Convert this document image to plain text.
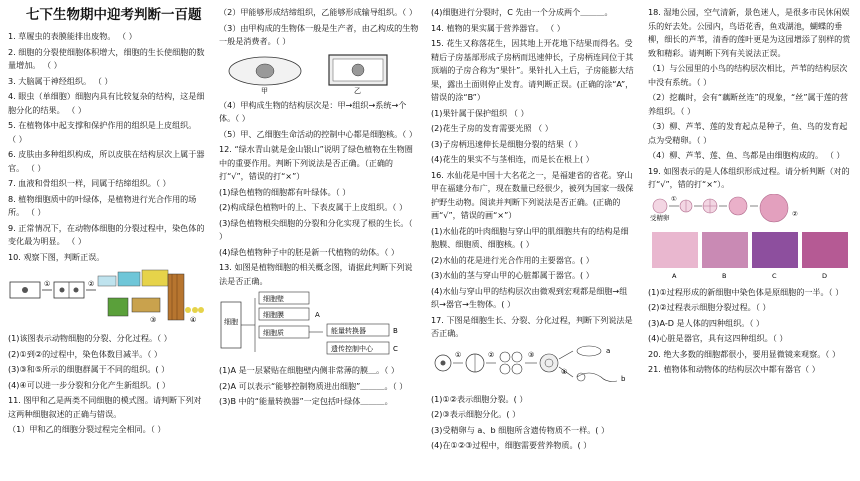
七下生物期中迎考判断一百题

1. 草履虫的表膜能排出废物。 （ ）

2. 细胞的分裂使细胞体积增大，细胞的生长使细胞的数量增加。 （ ）

3. 大脑属于神经组织。 （ ）

4. 眼虫（单细胞）细胞内具有比较复杂的结构，这是细胞分化的结果。 （ ）

5. 在植物体中起支撑和保护作用的组织是上皮组织。 （ ）

6. 皮肤由多种组织构成，所以皮肤在结构层次上属于器官。 （ ）

7. 血液和骨组织一样，同属于结缔组织。（ ）

8. 植物细胞质中的叶绿体，是植物进行光合作用的场所。 （ ）

9. 正常情况下，在动物体细胞的分裂过程中，染色体的变化最为明显。 （ ）

10. 观察下图，判断正误。

①	②
③	④

(1)该图表示动物细胞的分裂、分化过程。（ ）

(2)①到②的过程中，染色体数目减半。（ ）

(3)③和⑤所示的细胞群属于不同的组织。( ）

(4)④可以进一步分裂和分化产生新组织。( ）

11. 图甲和乙是两类不同细胞的模式图。请判断下列对这两种细胞叙述的正确与错误。

（1）甲和乙的细胞分裂过程完全相同。（ ）

（2）甲能够形成结缔组织，乙能够形成输导组织。（ ）

（3）由甲构成的生物体一般是生产者，由乙构成的生物一般是消费者。（ ）

甲	乙

（4）甲构成生物的结构层次是：甲→组织→系统→个体。（ ）

（5）甲、乙细胞生命活动的控制中心都是细胞核。（ ）

12. “绿水青山就是金山银山”说明了绿色植物在生物圈中的重要作用。判断下列说法是否正确。（正确的打“√”，错误的打“×”）

(1)绿色植物的细胞都有叶绿体。（ ）

(2)构成绿色植物叶的上、下表皮属于上皮组织。（ ）

(3)绿色植物根尖细胞的分裂和分化实现了根的生长。（ ）

(4)绿色植物种子中的胚是新一代植物的幼体。（ ）

13. 如图是植物细胞的相关概念图，请据此判断下列说法是否正确。

细胞
细胞壁
细胞膜	A
细胞质	能量转换器	B
遗传控制中心	C

(1)A 是一层紧贴在细胞壁内侧非常薄的膜＿。（ ）

(2)A 可以表示“能够控制物质进出细胞”＿＿＿。（ ）

(3)B 中的“能量转换器”一定包括叶绿体＿＿＿。

(4)细胞进行分裂时，C 先由一个分成两个＿＿＿。

14. 植物的果实属于营养器官。 （ ）

15. 花生又称落花生，因其地上开花地下结果而得名。受精后子房基部形成子房柄而迅速伸长，子房柄连同位于其顶端的子房合称为“果针”。果针扎入土后，子房能膨大结果，露出土面则停止发育。请判断正误。(正确的涂“A”，错误的涂“B”）

(1)果针属于保护组织 （ ）

(2)花生子房的发育需要光照 （ ）

(3)子房柄迅速伸长是细胞分裂的结果（ ）

(4)花生的果实不与茎相连，而是长在根上( ）

16. 水仙花是中国十大名花之一，是福建省的省花。穿山甲在福建分布广，现在数量已经很少，被列为国家一级保护野生动物。阅读并判断下列说法是否正确。(正确的画“√”，错误的画“×”）

(1)水仙花的叶肉细胞与穿山甲的肌细胞共有的结构是细胞膜、细胞质、细胞核。( ）

(2)水仙的花是进行光合作用的主要器官。( ）

(3)水仙的茎与穿山甲的心脏都属于器官。( ）

(4)水仙与穿山甲的结构层次由微观到宏观都是细胞→组织→器官→生物体。( ）

17. 下图是细胞生长、分裂、分化过程，判断下列说法是否正确。

①	②	③
④
a
b

(1)①②表示细胞分裂。( ）

(2)③表示细胞分化。( ）

(3)受精卵与 a、b 细胞所含遗传物质不一样。( ）

(4)在①②③过程中，细胞需要营养物质。( ）

18. 湿地公园，空气清新，景色迷人，是很多市民休闲娱乐的好去处。公园内，鸟语花香，鱼戏湖池，蝴蝶的垂柳，细长的芦苇，清香的莲叶更是为这园增添了别样的赏致和精彩。请判断下列有关说法正误。

（1）与公园里的小鸟的结构层次相比，芦苇的结构层次中没有系统。（ ）

（2）挖藕时，会有“藕断丝连”的现象，“丝”属于莲的营养组织。（ ）

（3）柳、芦苇、莲的发育起点是种子，鱼、鸟的发育起点为受精卵。（ ）

（4）柳、芦苇、莲、鱼、鸟都是由细胞构成的。 （ ）

19. 如图表示的是人体组织形成过程。请分析判断（对的打“√”，错的打“×”）。

受精卵
①
②
A	B	C	D

(1)①过程形成的新细胞中染色体是原细胞的一半。（ ）

(2)②过程表示细胞分裂过程。（ ）

(3)A-D 是人体的四种组织。（ ）

(4)心脏是器官，具有这四种组织。（ ）

20. 绝大多数的细胞都很小，要用显微镜来观察。（ ）

21. 植物体和动物体的结构层次中都有器官（ ）
